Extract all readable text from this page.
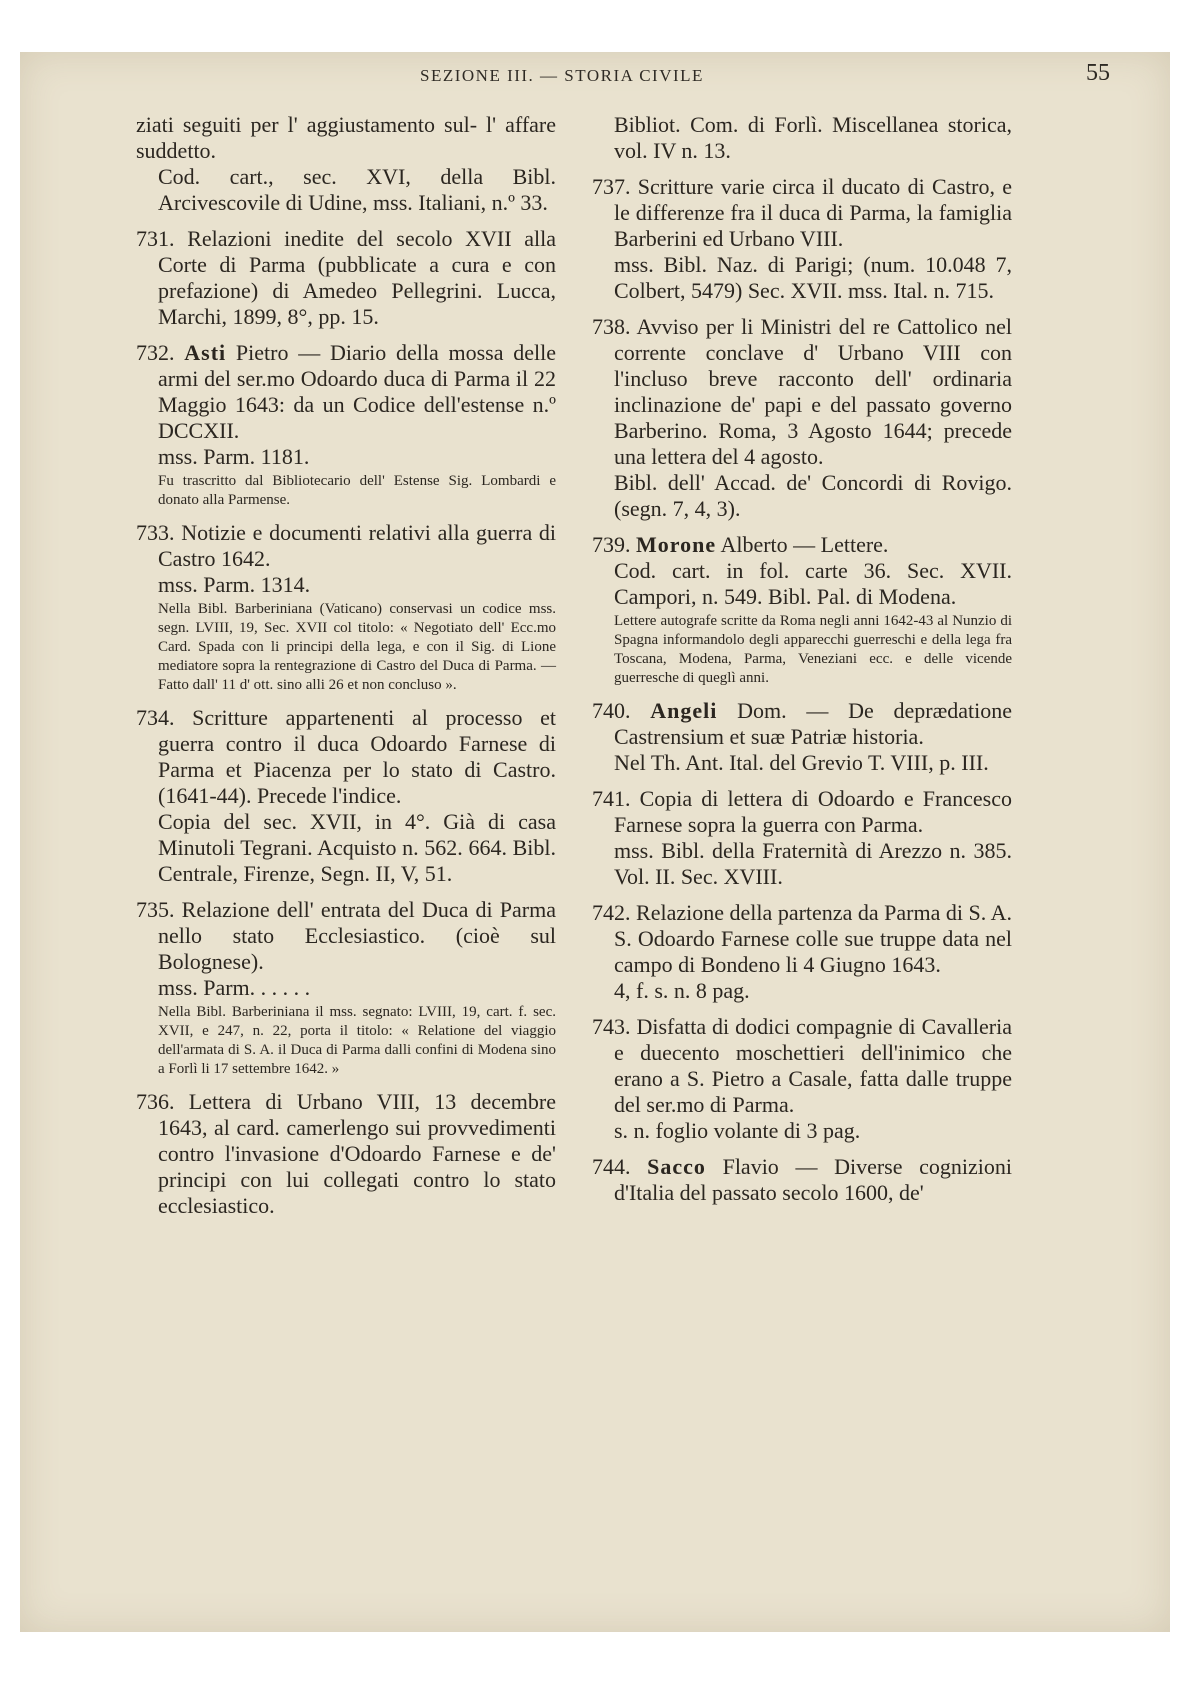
SEZIONE III. — STORIA CIVILE	55

ziati seguiti per l' aggiustamento sul- l' affare suddetto.

Cod. cart., sec. XVI, della Bibl. Arcivescovile di Udine, mss. Italiani, n.º 33.

731. Relazioni inedite del secolo XVII alla Corte di Parma (pubblicate a cura e con prefazione) di Amedeo Pellegrini. Lucca, Marchi, 1899, 8°, pp. 15.

732. Asti Pietro — Diario della mossa delle armi del ser.mo Odoardo duca di Parma il 22 Maggio 1643: da un Codice dell'estense n.º DCCXII.

mss. Parm. 1181.

Fu trascritto dal Bibliotecario dell' Estense Sig. Lombardi e donato alla Parmense.

733. Notizie e documenti relativi alla guerra di Castro 1642.

mss. Parm. 1314.

Nella Bibl. Barberiniana (Vaticano) conservasi un codice mss. segn. LVIII, 19, Sec. XVII col titolo: « Negotiato dell' Ecc.mo Card. Spada con li principi della lega, e con il Sig. di Lione mediatore sopra la rentegrazione di Castro del Duca di Parma. — Fatto dall' 11 d' ott. sino alli 26 et non concluso ».

734. Scritture appartenenti al processo et guerra contro il duca Odoardo Farnese di Parma et Piacenza per lo stato di Castro. (1641-44). Precede l'indice.

Copia del sec. XVII, in 4°. Già di casa Minutoli Tegrani. Acquisto n. 562. 664. Bibl. Centrale, Firenze, Segn. II, V, 51.

735. Relazione dell' entrata del Duca di Parma nello stato Ecclesiastico. (cioè sul Bolognese).

mss. Parm. . . . . .

Nella Bibl. Barberiniana il mss. segnato: LVIII, 19, cart. f. sec. XVII, e 247, n. 22, porta il titolo: « Relatione del viaggio dell'armata di S. A. il Duca di Parma dalli confini di Modena sino a Forlì li 17 settembre 1642. »

736. Lettera di Urbano VIII, 13 decembre 1643, al card. camerlengo sui provvedimenti contro l'invasione d'Odoardo Farnese e de' principi con lui collegati contro lo stato ecclesiastico.

Bibliot. Com. di Forlì. Miscellanea storica, vol. IV n. 13.

737. Scritture varie circa il ducato di Castro, e le differenze fra il duca di Parma, la famiglia Barberini ed Urbano VIII.

mss. Bibl. Naz. di Parigi; (num. 10.048 7, Colbert, 5479) Sec. XVII. mss. Ital. n. 715.

738. Avviso per li Ministri del re Cattolico nel corrente conclave d' Urbano VIII con l'incluso breve racconto dell' ordinaria inclinazione de' papi e del passato governo Barberino. Roma, 3 Agosto 1644; precede una lettera del 4 agosto.

Bibl. dell' Accad. de' Concordi di Rovigo. (segn. 7, 4, 3).

739. Morone Alberto — Lettere.

Cod. cart. in fol. carte 36. Sec. XVII. Campori, n. 549. Bibl. Pal. di Modena.

Lettere autografe scritte da Roma negli anni 1642-43 al Nunzio di Spagna informandolo degli apparecchi guerreschi e della lega fra Toscana, Modena, Parma, Veneziani ecc. e delle vicende guerresche di queglì anni.

740. Angeli Dom. — De deprædatione Castrensium et suæ Patriæ historia.

Nel Th. Ant. Ital. del Grevio T. VIII, p. III.

741. Copia di lettera di Odoardo e Francesco Farnese sopra la guerra con Parma.

mss. Bibl. della Fraternità di Arezzo n. 385. Vol. II. Sec. XVIII.

742. Relazione della partenza da Parma di S. A. S. Odoardo Farnese colle sue truppe data nel campo di Bondeno li 4 Giugno 1643.

4, f. s. n. 8 pag.

743. Disfatta di dodici compagnie di Cavalleria e duecento moschettieri dell'inimico che erano a S. Pietro a Casale, fatta dalle truppe del ser.mo di Parma.

s. n. foglio volante di 3 pag.

744. Sacco Flavio — Diverse cognizioni d'Italia del passato secolo 1600, de'
